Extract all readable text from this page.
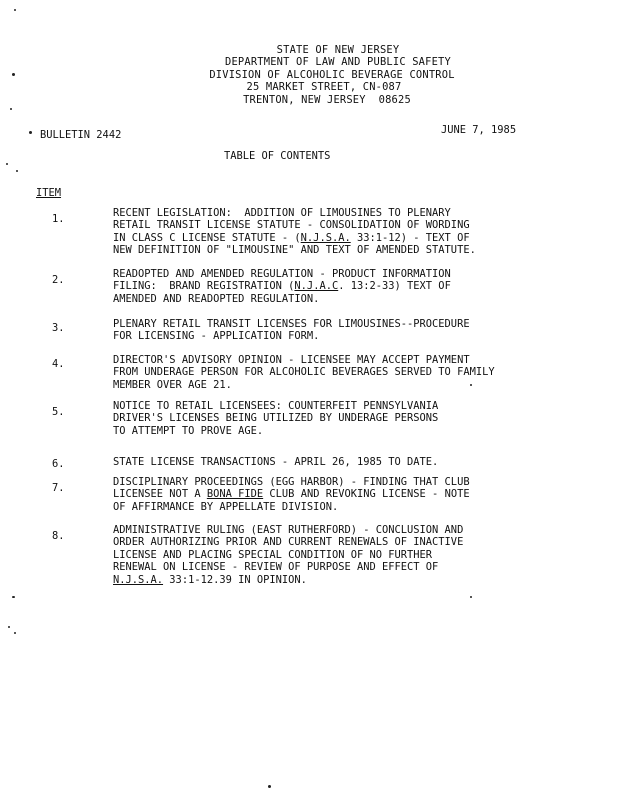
STATE OF NEW JERSEY
DEPARTMENT OF LAW AND PUBLIC SAFETY
DIVISION OF ALCOHOLIC BEVERAGE CONTROL
25 MARKET STREET, CN-087
TRENTON, NEW JERSEY  08625
BULLETIN 2442	JUNE 7, 1985
TABLE OF CONTENTS
ITEM
1.	RECENT LEGISLATION:  ADDITION OF LIMOUSINES TO PLENARY
RETAIL TRANSIT LICENSE STATUTE - CONSOLIDATION OF WORDING
IN CLASS C LICENSE STATUTE - (N.J.S.A. 33:1-12) - TEXT OF
NEW DEFINITION OF "LIMOUSINE" AND TEXT OF AMENDED STATUTE.
2.	READOPTED AND AMENDED REGULATION - PRODUCT INFORMATION
FILING:  BRAND REGISTRATION (N.J.A.C. 13:2-33) TEXT OF
AMENDED AND READOPTED REGULATION.
3.	PLENARY RETAIL TRANSIT LICENSES FOR LIMOUSINES--PROCEDURE
FOR LICENSING - APPLICATION FORM.
4.	DIRECTOR'S ADVISORY OPINION - LICENSEE MAY ACCEPT PAYMENT
FROM UNDERAGE PERSON FOR ALCOHOLIC BEVERAGES SERVED TO FAMILY
MEMBER OVER AGE 21.
5.	NOTICE TO RETAIL LICENSEES: COUNTERFEIT PENNSYLVANIA
DRIVER'S LICENSES BEING UTILIZED BY UNDERAGE PERSONS
TO ATTEMPT TO PROVE AGE.
6.	STATE LICENSE TRANSACTIONS - APRIL 26, 1985 TO DATE.
7.	DISCIPLINARY PROCEEDINGS (EGG HARBOR) - FINDING THAT CLUB
LICENSEE NOT A BONA FIDE CLUB AND REVOKING LICENSE - NOTE
OF AFFIRMANCE BY APPELLATE DIVISION.
8.	ADMINISTRATIVE RULING (EAST RUTHERFORD) - CONCLUSION AND
ORDER AUTHORIZING PRIOR AND CURRENT RENEWALS OF INACTIVE
LICENSE AND PLACING SPECIAL CONDITION OF NO FURTHER
RENEWAL ON LICENSE - REVIEW OF PURPOSE AND EFFECT OF
N.J.S.A. 33:1-12.39 IN OPINION.
